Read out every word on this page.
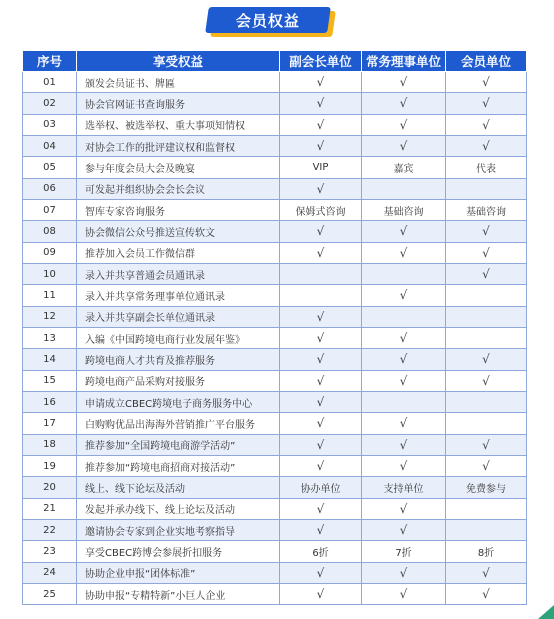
会员权益
序号	享受权益	副会长单位	常务理事单位	会员单位
01	颁发会员证书、牌匾	√	√	√
02	协会官网证书查询服务	√	√	√
03	选举权、被选举权、重大事项知情权	√	√	√
04	对协会工作的批评建议权和监督权	√	√	√
05	参与年度会员大会及晚宴	VIP	嘉宾	代表
06	可发起并组织协会会长会议	√		
07	智库专家咨询服务	保姆式咨询	基础咨询	基础咨询
08	协会微信公众号推送宣传软文	√	√	√
09	推荐加入会员工作微信群	√	√	√
10	录入并共享普通会员通讯录			√
11	录入并共享常务理事单位通讯录		√	
12	录入并共享副会长单位通讯录	√		
13	入编《中国跨境电商行业发展年鉴》	√	√	
14	跨境电商人才共育及推荐服务	√	√	√
15	跨境电商产品采购对接服务	√	√	√
16	申请成立CBEC跨境电子商务服务中心	√		
17	白购购优品出海海外营销推广平台服务	√	√	
18	推荐参加“全国跨境电商游学活动”	√	√	√
19	推荐参加“跨境电商招商对接活动”	√	√	√
20	线上、线下论坛及活动	协办单位	支持单位	免费参与
21	发起并承办线下、线上论坛及活动	√	√	
22	邀请协会专家到企业实地考察指导	√	√	
23	享受CBEC跨博会参展折扣服务	6折	7折	8折
24	协助企业申报“团体标准”	√	√	√
25	协助申报“专精特新”小巨人企业	√	√	√
